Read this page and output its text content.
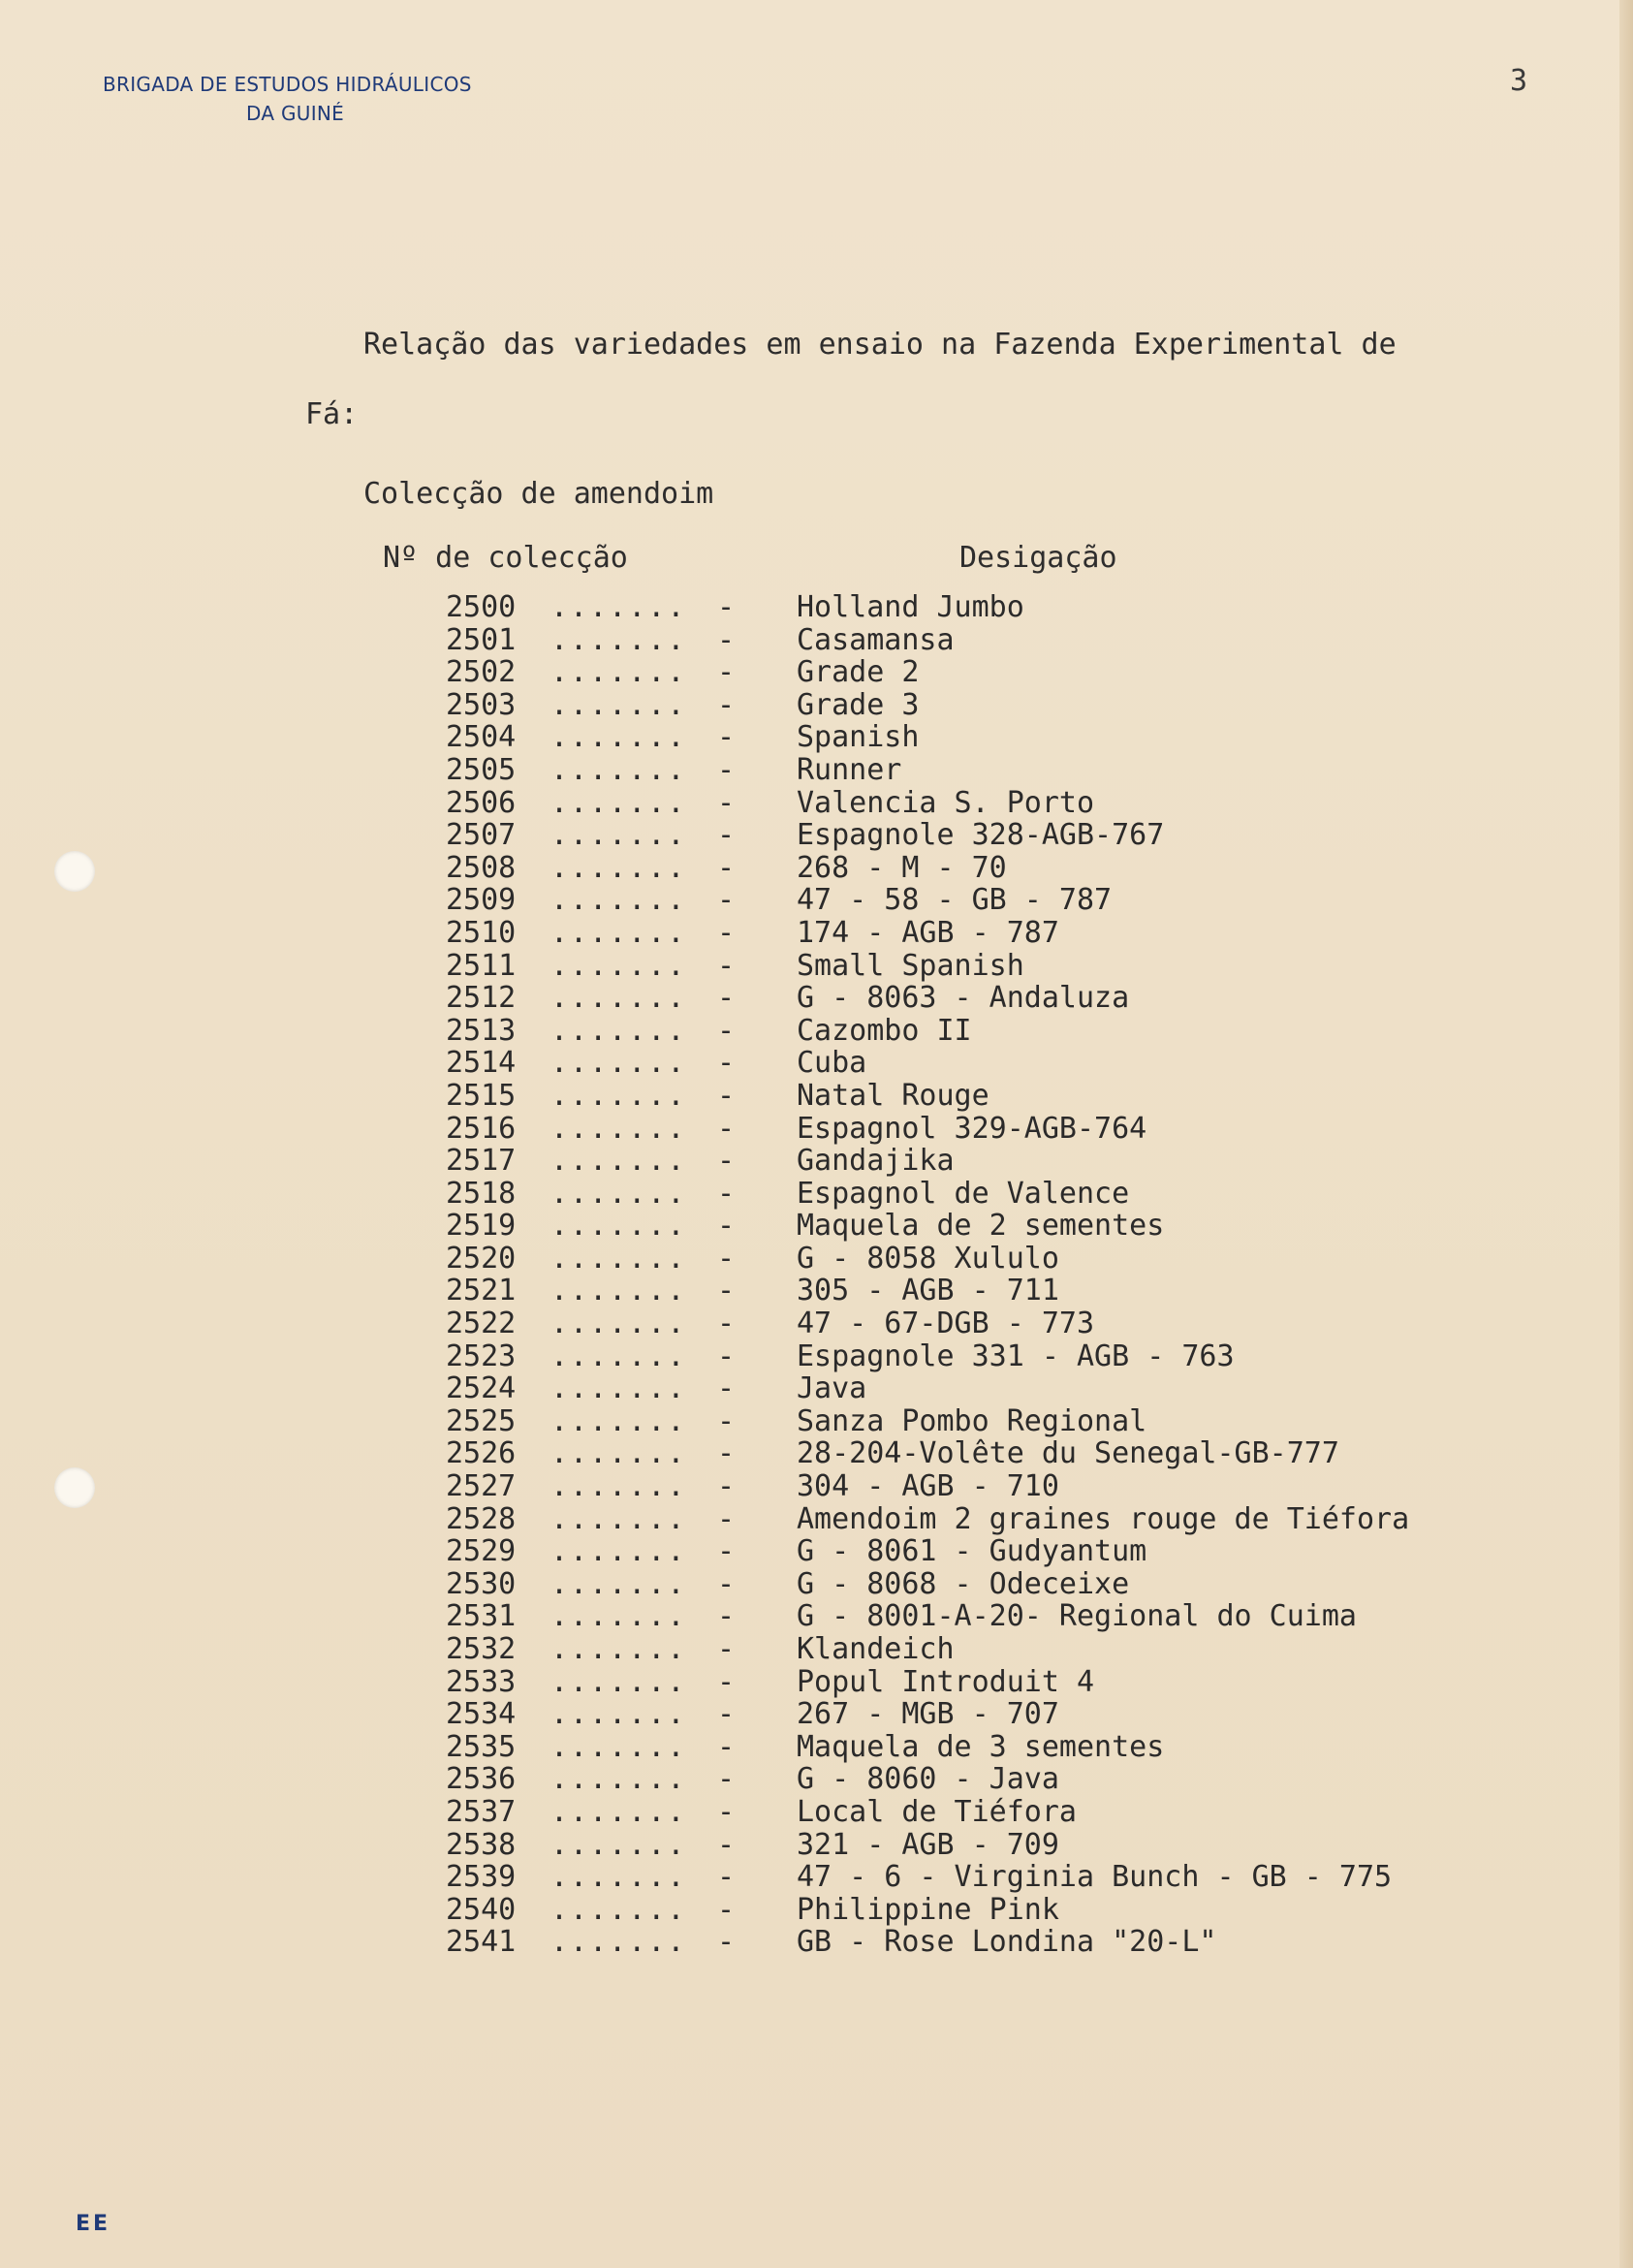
BRIGADA DE ESTUDOS HIDRÁULICOS
DA GUINÉ
3
Relação das variedades em ensaio na Fazenda Experimental de
Fá:
Colecção de amendoim
Nº de colecção	Desigação
2500	.......	-	Holland Jumbo
2501	.......	-	Casamansa
2502	.......	-	Grade 2
2503	.......	-	Grade 3
2504	.......	-	Spanish
2505	.......	-	Runner
2506	.......	-	Valencia S. Porto
2507	.......	-	Espagnole 328-AGB-767
2508	.......	-	268 - M - 70
2509	.......	-	47 - 58 - GB - 787
2510	.......	-	174 - AGB - 787
2511	.......	-	Small Spanish
2512	.......	-	G - 8063 - Andaluza
2513	.......	-	Cazombo II
2514	.......	-	Cuba
2515	.......	-	Natal Rouge
2516	.......	-	Espagnol 329-AGB-764
2517	.......	-	Gandajika
2518	.......	-	Espagnol de Valence
2519	.......	-	Maquela de 2 sementes
2520	.......	-	G - 8058 Xululo
2521	.......	-	305 - AGB - 711
2522	.......	-	47 - 67-DGB - 773
2523	.......	-	Espagnole 331 - AGB - 763
2524	.......	-	Java
2525	.......	-	Sanza Pombo Regional
2526	.......	-	28-204-Volête du Senegal-GB-777
2527	.......	-	304 - AGB - 710
2528	.......	-	Amendoim 2 graines rouge de Tiéfora
2529	.......	-	G - 8061 - Gudyantum
2530	.......	-	G - 8068 - Odeceixe
2531	.......	-	G - 8001-A-20- Regional do Cuima
2532	.......	-	Klandeich
2533	.......	-	Popul Introduit 4
2534	.......	-	267 - MGB - 707
2535	.......	-	Maquela de 3 sementes
2536	.......	-	G - 8060 - Java
2537	.......	-	Local de Tiéfora
2538	.......	-	321 - AGB - 709
2539	.......	-	47 - 6 - Virginia Bunch - GB - 775
2540	.......	-	Philippine Pink
2541	.......	-	GB - Rose Londina "20-L"
EE
